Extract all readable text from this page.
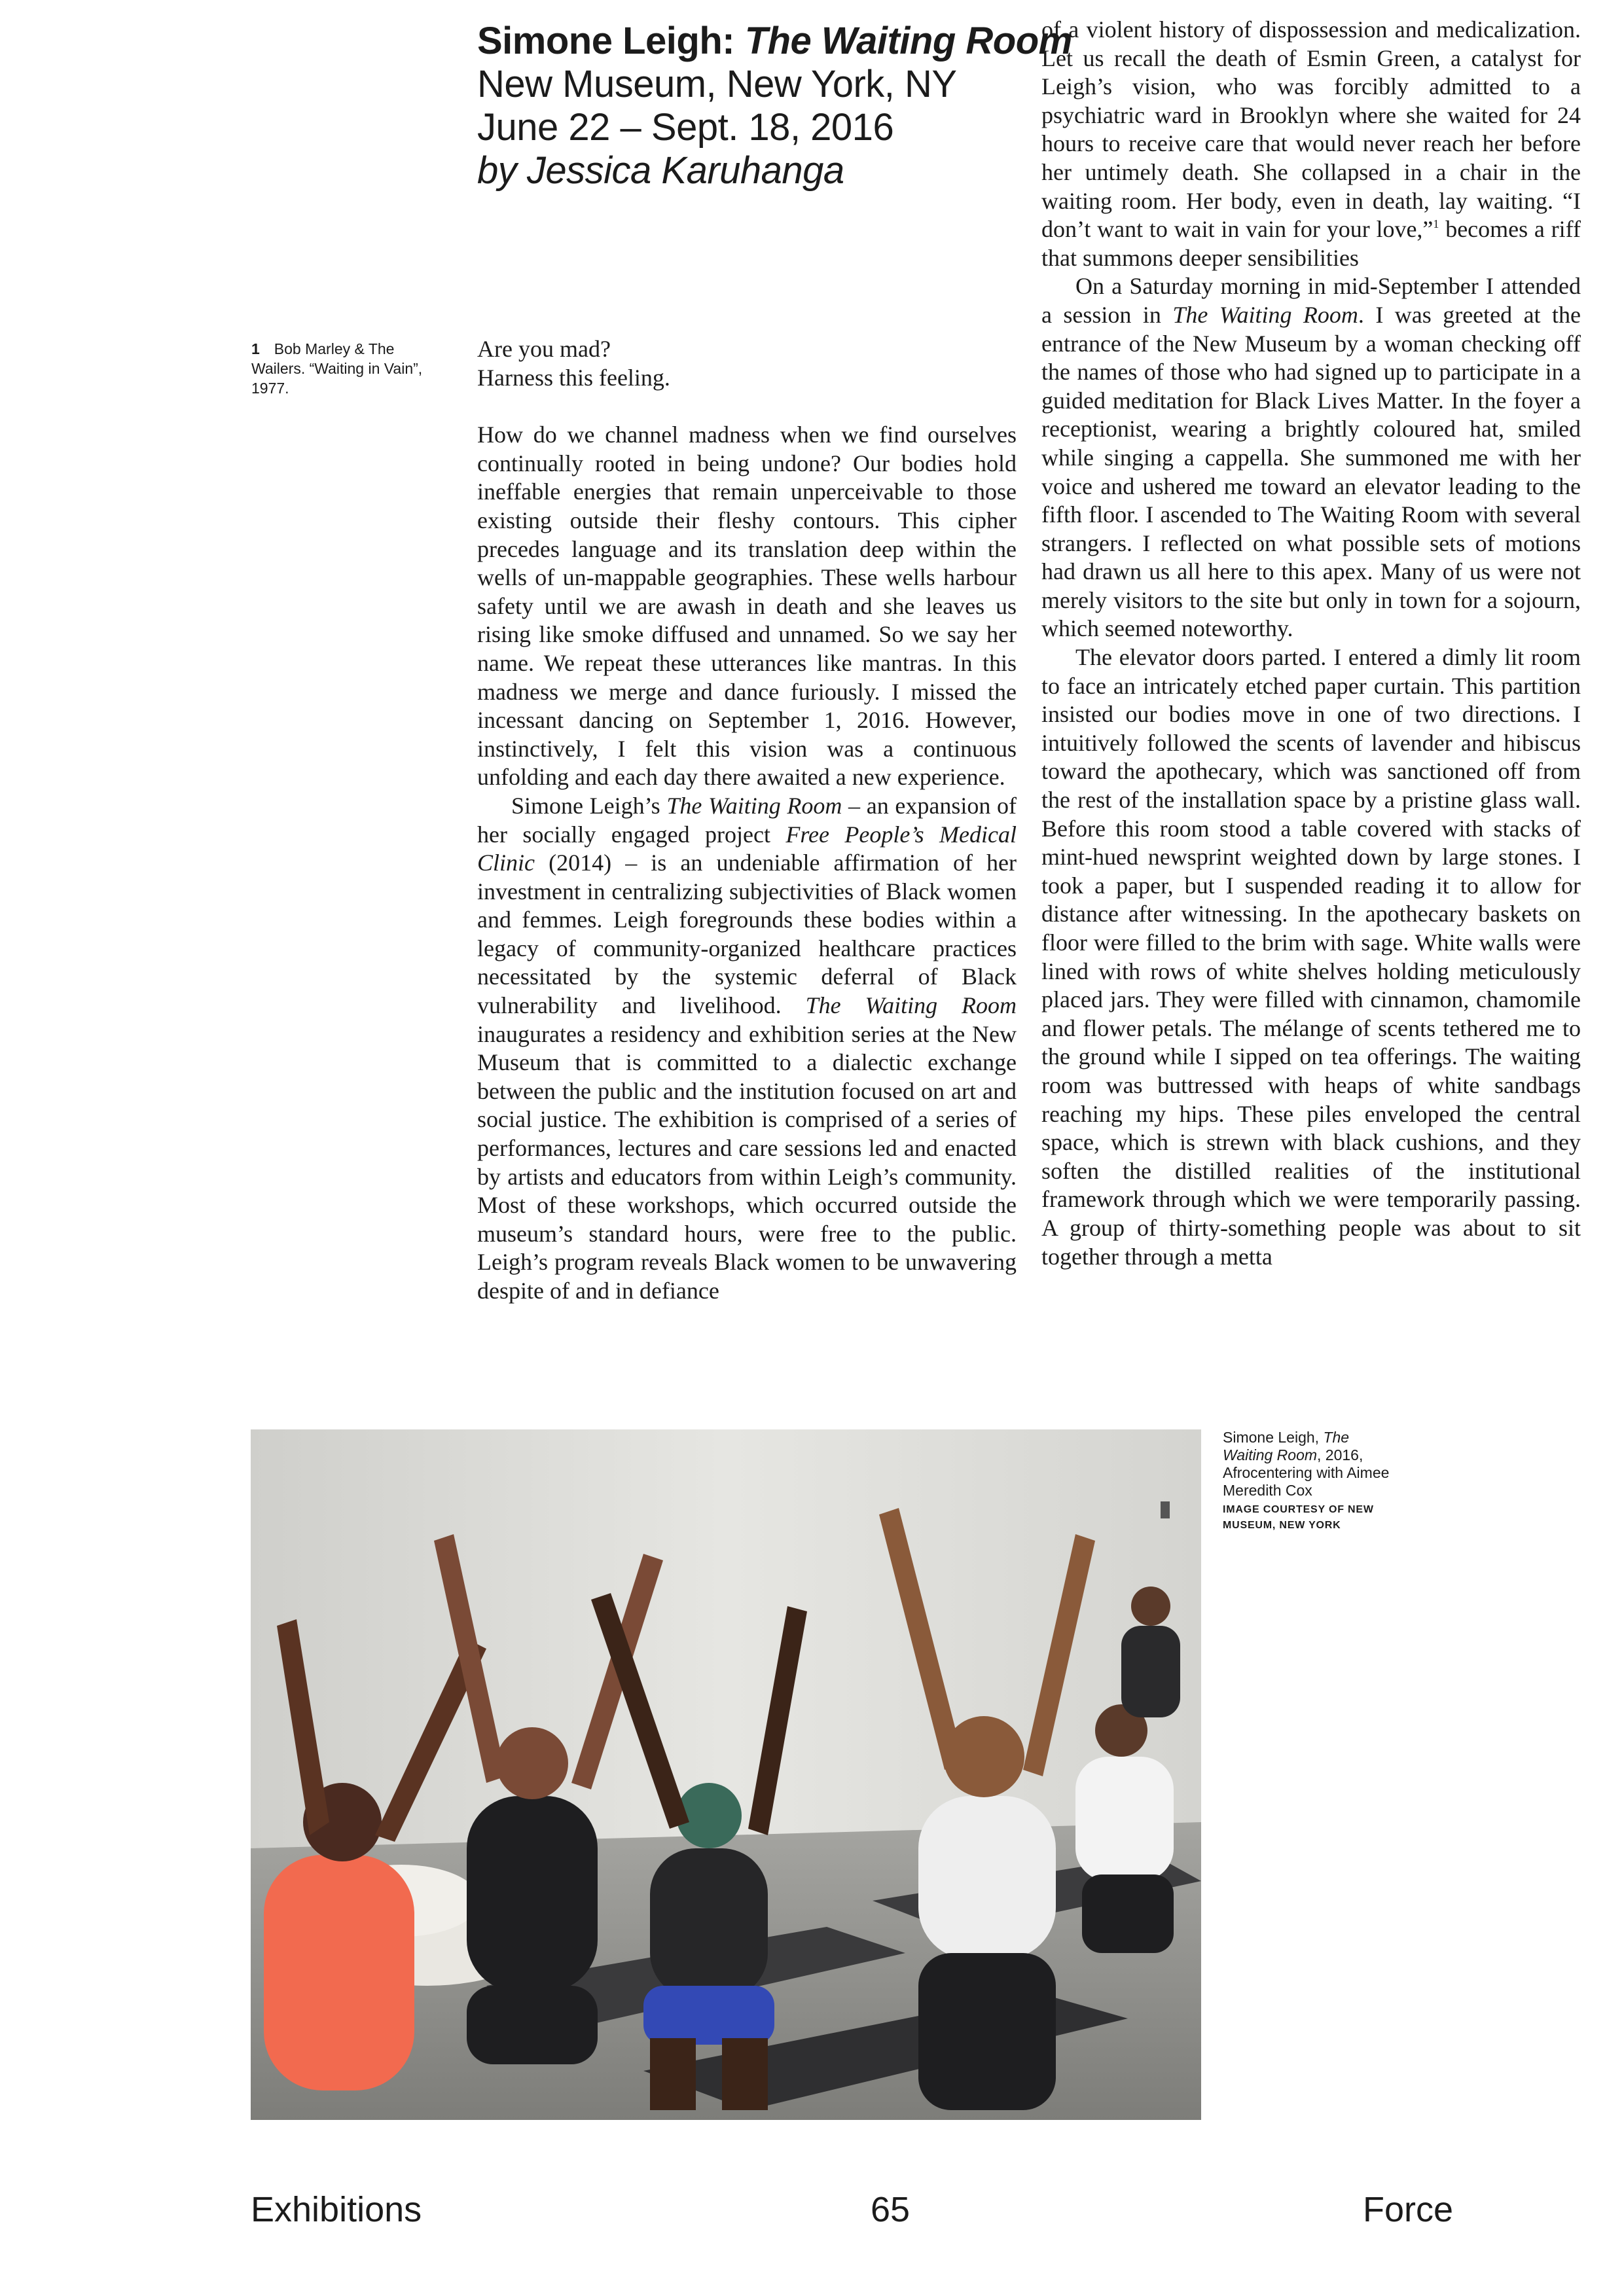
Simone Leigh: The Waiting Room
New Museum, New York, NY
June 22 – Sept. 18, 2016
by Jessica Karuhanga
1 Bob Marley & The Wailers. “Waiting in Vain”, 1977.

Are you mad?

Harness this feeling.

How do we channel madness when we find ourselves continually rooted in being undone? Our bodies hold ineffable energies that remain unperceivable to those existing outside their fleshy contours. This cipher precedes language and its translation deep within the wells of un-mappable geographies. These wells harbour safety until we are awash in death and she leaves us rising like smoke diffused and unnamed. So we say her name. We repeat these utterances like mantras. In this madness we merge and dance furiously. I missed the incessant dancing on September 1, 2016. However, instinctively, I felt this vision was a continuous unfolding and each day there awaited a new experience.

Simone Leigh’s The Waiting Room – an expansion of her socially engaged project Free People’s Medical Clinic (2014) – is an undeniable affirmation of her investment in centralizing subjectivities of Black women and femmes. Leigh foregrounds these bodies within a legacy of community-organized healthcare practices necessitated by the systemic deferral of Black vulnerability and livelihood. The Waiting Room inaugurates a residency and exhibition series at the New Museum that is committed to a dialectic exchange between the public and the institution focused on art and social justice. The exhibition is comprised of a series of performances, lectures and care sessions led and enacted by artists and educators from within Leigh’s community. Most of these workshops, which occurred outside the museum’s standard hours, were free to the public. Leigh’s program reveals Black women to be unwavering despite of and in defiance

of a violent history of dispossession and medicalization. Let us recall the death of Esmin Green, a catalyst for Leigh’s vision, who was forcibly admitted to a psychiatric ward in Brooklyn where she waited for 24 hours to receive care that would never reach her before her untimely death. She collapsed in a chair in the waiting room. Her body, even in death, lay waiting. “I don’t want to wait in vain for your love,”$^1$ becomes a riff that summons deeper sensibilities

On a Saturday morning in mid-September I attended a session in The Waiting Room. I was greeted at the entrance of the New Museum by a woman checking off the names of those who had signed up to participate in a guided meditation for Black Lives Matter. In the foyer a receptionist, wearing a brightly coloured hat, smiled while singing a cappella. She summoned me with her voice and ushered me toward an elevator leading to the fifth floor. I ascended to The Waiting Room with several strangers. I reflected on what possible sets of motions had drawn us all here to this apex. Many of us were not merely visitors to the site but only in town for a sojourn, which seemed noteworthy.

The elevator doors parted. I entered a dimly lit room to face an intricately etched paper curtain. This partition insisted our bodies move in one of two directions. I intuitively followed the scents of lavender and hibiscus toward the apothecary, which was sanctioned off from the rest of the installation space by a pristine glass wall. Before this room stood a table covered with stacks of mint-hued newsprint weighted down by large stones. I took a paper, but I suspended reading it to allow for distance after witnessing. In the apothecary baskets on floor were filled to the brim with sage. White walls were lined with rows of white shelves holding meticulously placed jars. They were filled with cinnamon, chamomile and flower petals. The mélange of scents tethered me to the ground while I sipped on tea offerings. The waiting room was buttressed with heaps of white sandbags reaching my hips. These piles enveloped the central space, which is strewn with black cushions, and they soften the distilled realities of the institutional framework through which we were temporarily passing. A group of thirty-something people was about to sit together through a metta

Simone Leigh, The Waiting Room, 2016, Afrocentering with Aimee Meredith Cox
IMAGE COURTESY OF NEW MUSEUM, NEW YORK
Exhibitions	65	Force
